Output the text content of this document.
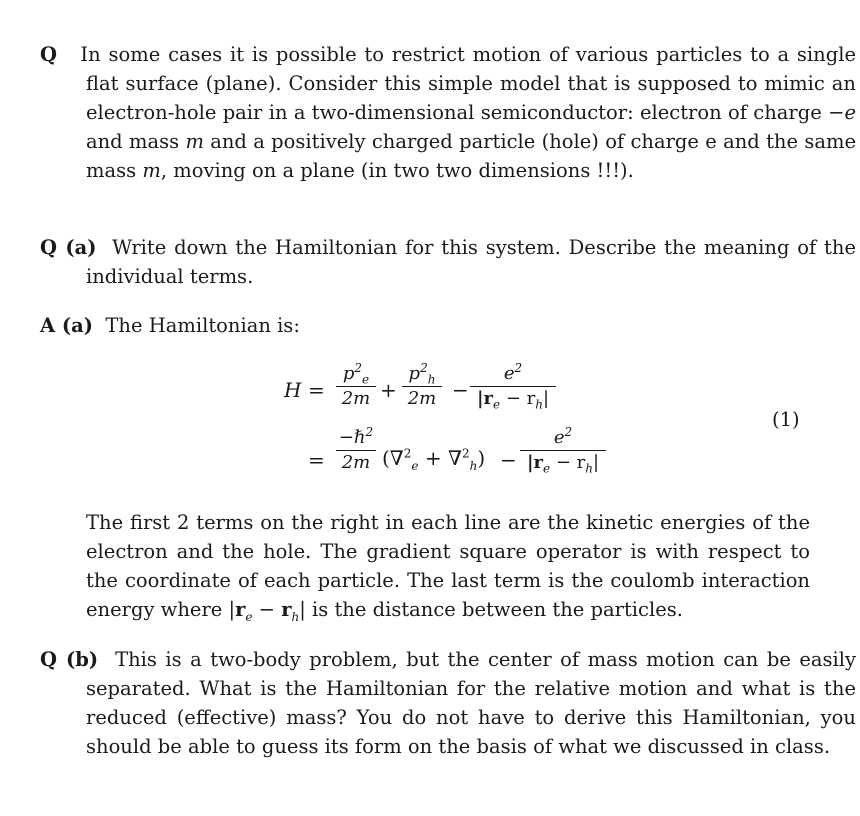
Q In some cases it is possible to restrict motion of various particles to a single flat surface (plane). Consider this simple model that is supposed to mimic an electron-hole pair in a two-dimensional semiconductor: electron of charge −e and mass m and a positively charged particle (hole) of charge e and the same mass m, moving on a plane (in two two dimensions !!!).
Q (a) Write down the Hamiltonian for this system. Describe the meaning of the individual terms.
A (a) The Hamiltonian is:
H =
$p^2_e$
2m +
$p^2_h$
2m −
$e^2$
$|r_e - r_h|$
=
−ℏ$^2$
2m (∇$^2_e$ + ∇$^2_h$) −
$e^2$
$|r_e - r_h|$
(1)
The first 2 terms on the right in each line are the kinetic energies of the electron and the hole. The gradient square operator is with respect to the coordinate of each particle. The last term is the coulomb interaction energy where $|r_e - r_h|$ is the distance between the particles.
Q (b) This is a two-body problem, but the center of mass motion can be easily separated. What is the Hamiltonian for the relative motion and what is the reduced (effective) mass? You do not have to derive this Hamiltonian, you should be able to guess its form on the basis of what we discussed in class.
